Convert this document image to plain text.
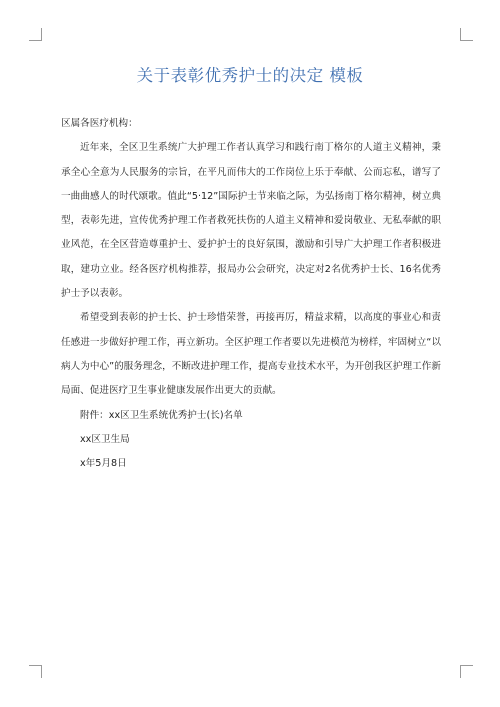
关于表彰优秀护士的决定 模板

区属各医疗机构：

近年来，全区卫生系统广大护理工作者认真学习和践行南丁格尔的人道主义精神，秉承全心全意为人民服务的宗旨，在平凡而伟大的工作岗位上乐于奉献、公而忘私，谱写了一曲曲感人的时代颂歌。值此“5·12”国际护士节来临之际，为弘扬南丁格尔精神，树立典型，表彰先进，宣传优秀护理工作者救死扶伤的人道主义精神和爱岗敬业、无私奉献的职业风范，在全区营造尊重护士、爱护护士的良好氛围，激励和引导广大护理工作者积极进取，建功立业。经各医疗机构推荐，报局办公会研究，决定对2名优秀护士长、16名优秀护士予以表彰。

希望受到表彰的护士长、护士珍惜荣誉，再接再厉，精益求精，以高度的事业心和责任感进一步做好护理工作，再立新功。全区护理工作者要以先进模范为榜样，牢固树立“以病人为中心”的服务理念，不断改进护理工作，提高专业技术水平，为开创我区护理工作新局面、促进医疗卫生事业健康发展作出更大的贡献。

附件：xx区卫生系统优秀护士(长)名单

xx区卫生局

x年5月8日
